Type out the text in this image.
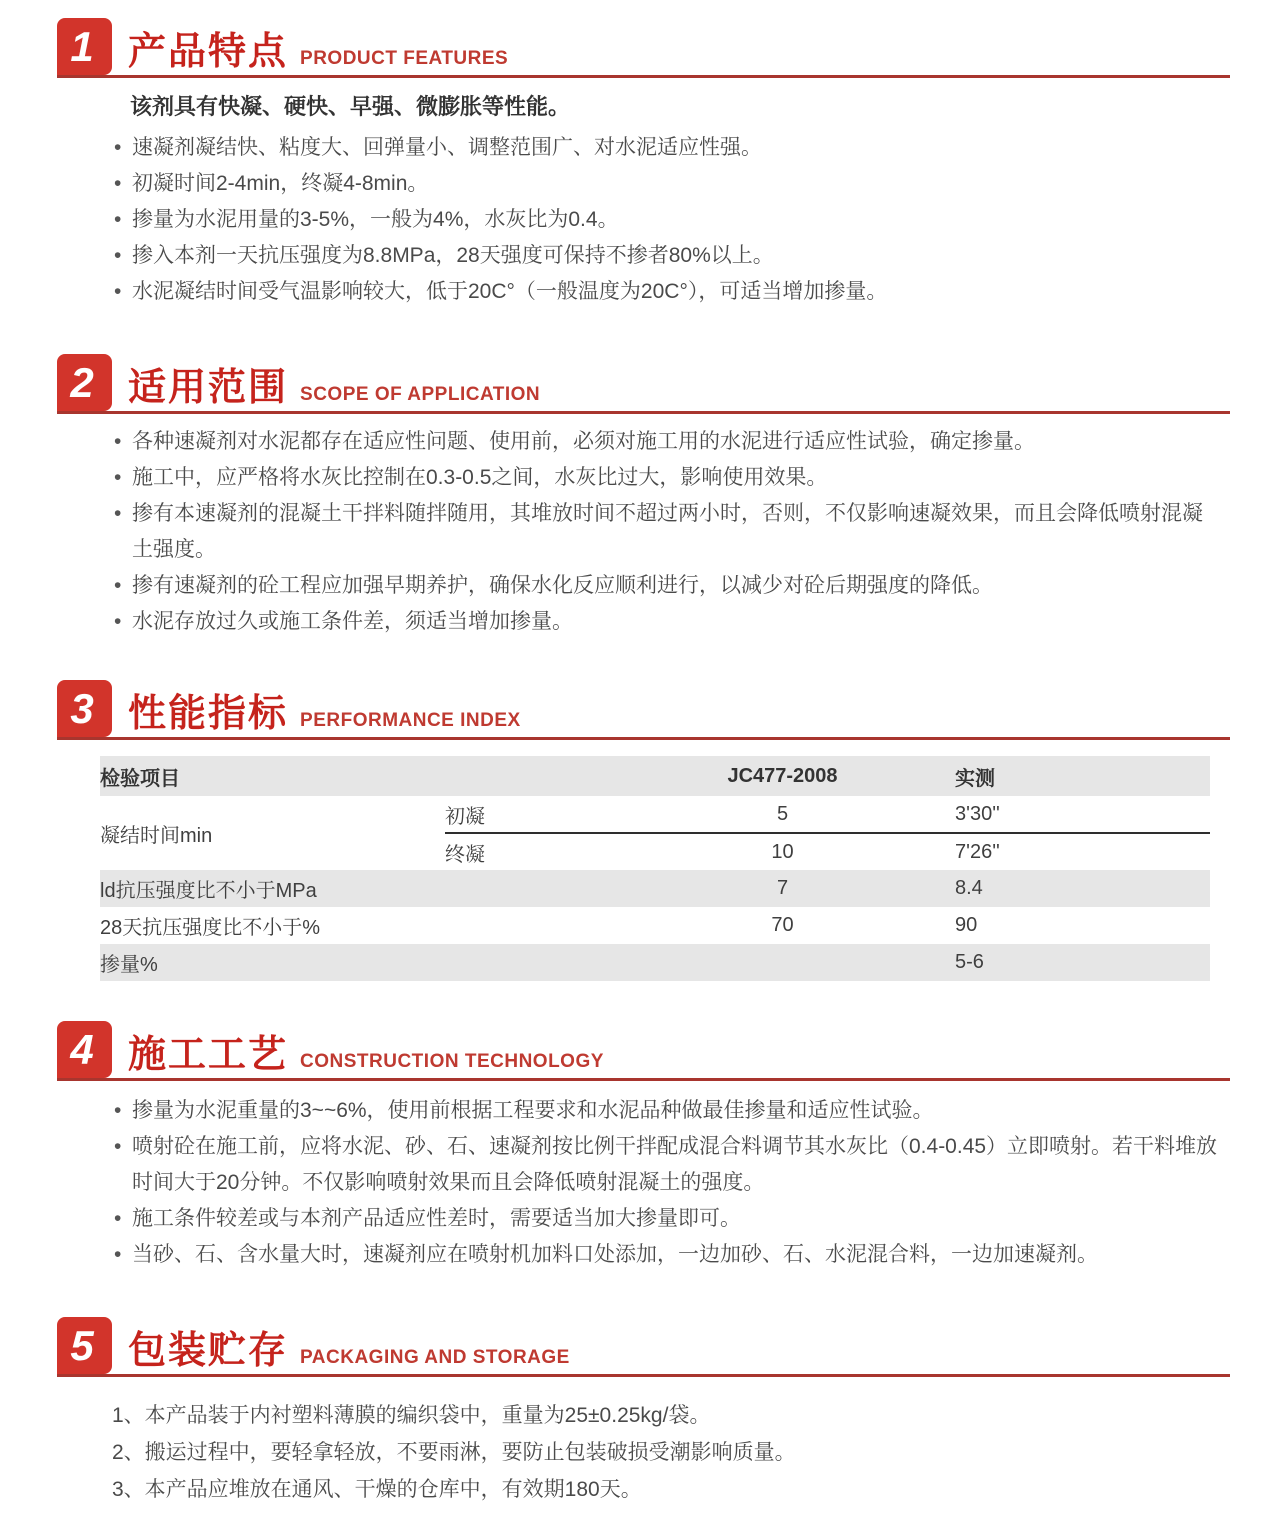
1 产品特点 PRODUCT FEATURES

该剂具有快凝、硬快、早强、微膨胀等性能。

• 速凝剂凝结快、粘度大、回弹量小、调整范围广、对水泥适应性强。
• 初凝时间2-4min，终凝4-8min。
• 掺量为水泥用量的3-5%，一般为4%，水灰比为0.4。
• 掺入本剂一天抗压强度为8.8MPa，28天强度可保持不掺者80%以上。
• 水泥凝结时间受气温影响较大，低于20C°（一般温度为20C°），可适当增加掺量。
2 适用范围 SCOPE OF APPLICATION
• 各种速凝剂对水泥都存在适应性问题、使用前，必须对施工用的水泥进行适应性试验，确定掺量。
• 施工中，应严格将水灰比控制在0.3-0.5之间，水灰比过大，影响使用效果。
• 掺有本速凝剂的混凝土干拌料随拌随用，其堆放时间不超过两小时，否则，不仅影响速凝效果，而且会降低喷射混凝土强度。
• 掺有速凝剂的砼工程应加强早期养护，确保水化反应顺利进行，以减少对砼后期强度的降低。
• 水泥存放过久或施工条件差，须适当增加掺量。
3 性能指标 PERFORMANCE INDEX
检验项目		JC477-2008	实测
凝结时间min	初凝	5	3'30''
	终凝	10	7'26''
ld抗压强度比不小于MPa		7	8.4
28天抗压强度比不小于%		70	90
掺量%			5-6
4 施工工艺 CONSTRUCTION TECHNOLOGY
• 掺量为水泥重量的3~~6%，使用前根据工程要求和水泥品种做最佳掺量和适应性试验。
• 喷射砼在施工前，应将水泥、砂、石、速凝剂按比例干拌配成混合料调节其水灰比（0.4-0.45）立即喷射。若干料堆放时间大于20分钟。不仅影响喷射效果而且会降低喷射混凝土的强度。
• 施工条件较差或与本剂产品适应性差时，需要适当加大掺量即可。
• 当砂、石、含水量大时，速凝剂应在喷射机加料口处添加，一边加砂、石、水泥混合料，一边加速凝剂。
5 包装贮存 PACKAGING AND STORAGE

1、本产品装于内衬塑料薄膜的编织袋中，重量为25±0.25kg/袋。

2、搬运过程中，要轻拿轻放，不要雨淋，要防止包装破损受潮影响质量。

3、本产品应堆放在通风、干燥的仓库中，有效期180天。
